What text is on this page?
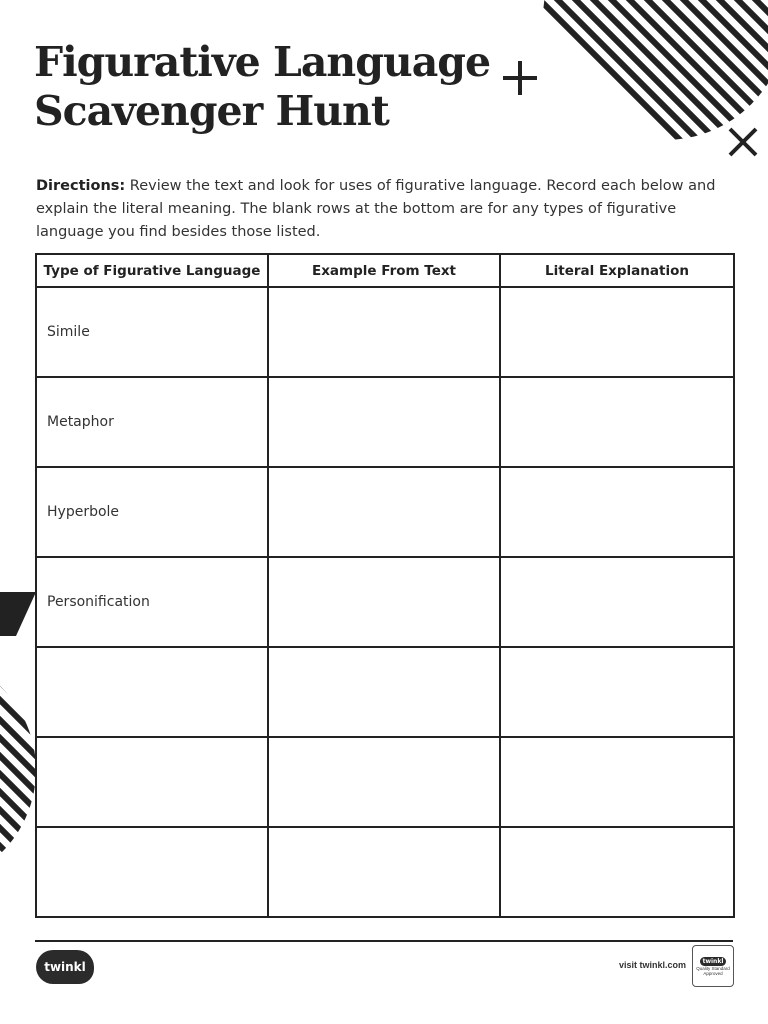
Figurative Language
Scavenger Hunt

Directions: Review the text and look for uses of figurative language. Record each below and explain the literal meaning. The blank rows at the bottom are for any types of figurative language you find besides those listed.

Type of Figurative Language	Example From Text	Literal Explanation
Simile		
Metaphor		
Hyperbole		
Personification		

twinkl	visit twinkl.com	twinkl
Quality Standard
Approved
